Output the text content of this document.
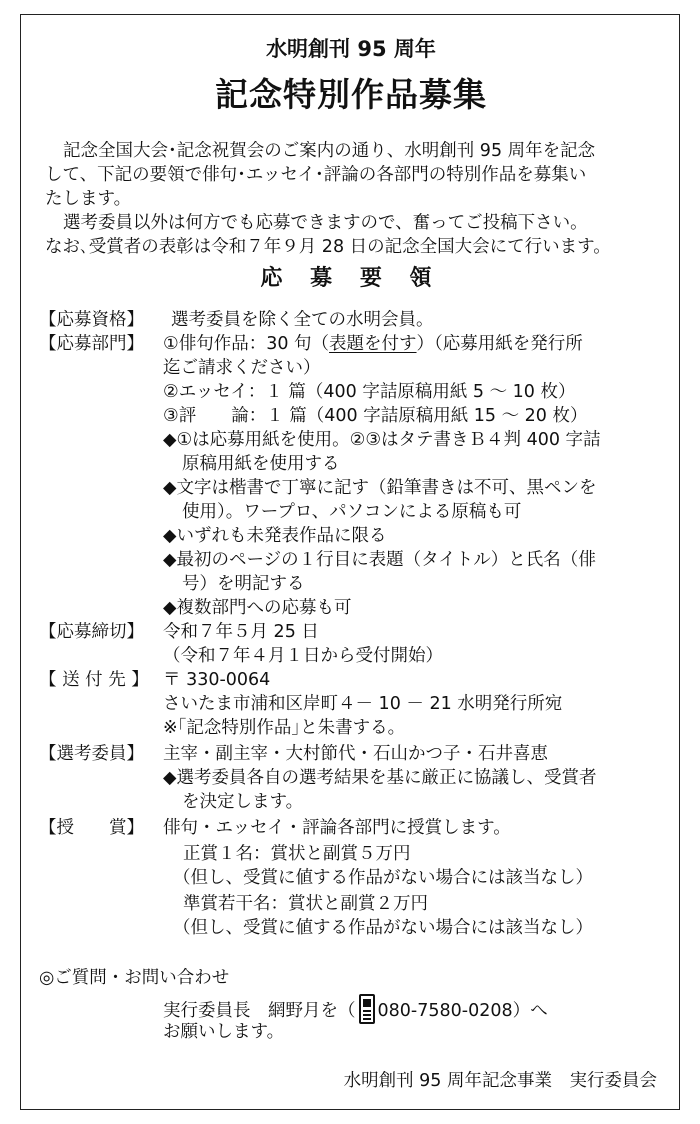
水明創刊 95 周年
記念特別作品募集
記念全国大会･記念祝賀会のご案内の通り、水明創刊 95 周年を記念
して、下記の要領で俳句･エッセイ･評論の各部門の特別作品を募集い
たします。
選考委員以外は何方でも応募できますので、奮ってご投稿下さい。
なお､受賞者の表彰は令和７年９月 28 日の記念全国大会にて行います。
応 募 要 領
【応募資格】 選考委員を除く全ての水明会員。
【応募部門】 ①俳句作品：30 句（表題を付す）（応募用紙を発行所
迄ご請求ください）
②エッセイ：１ 篇（400 字詰原稿用紙 5 ～ 10 枚）
③評　　論：１ 篇（400 字詰原稿用紙 15 ～ 20 枚）
◆①は応募用紙を使用。②③はタテ書きＢ４判 400 字詰
原稿用紙を使用する
◆文字は楷書で丁寧に記す（鉛筆書きは不可、黒ペンを
使用）。ワープロ、パソコンによる原稿も可
◆いずれも未発表作品に限る
◆最初のページの１行目に表題（タイトル）と氏名（俳
号）を明記する
◆複数部門への応募も可
【応募締切】 令和７年５月 25 日
（令和７年４月１日から受付開始）
【 送 付 先 】 〒 330-0064
さいたま市浦和区岸町４－ 10 － 21 水明発行所宛
※｢記念特別作品｣と朱書する。
【選考委員】 主宰・副主宰・大村節代・石山かつ子・石井喜恵
◆選考委員各自の選考結果を基に厳正に協議し、受賞者
を決定します。
【授　　賞】 俳句・エッセイ・評論各部門に授賞します。
正賞１名：賞状と副賞５万円
（但し、受賞に値する作品がない場合には該当なし）
準賞若干名：賞状と副賞２万円
（但し、受賞に値する作品がない場合には該当なし）
◎ご質問・お問い合わせ
実行委員長　網野月を（ 080-7580-0208）へ
お願いします。
水明創刊 95 周年記念事業　実行委員会
